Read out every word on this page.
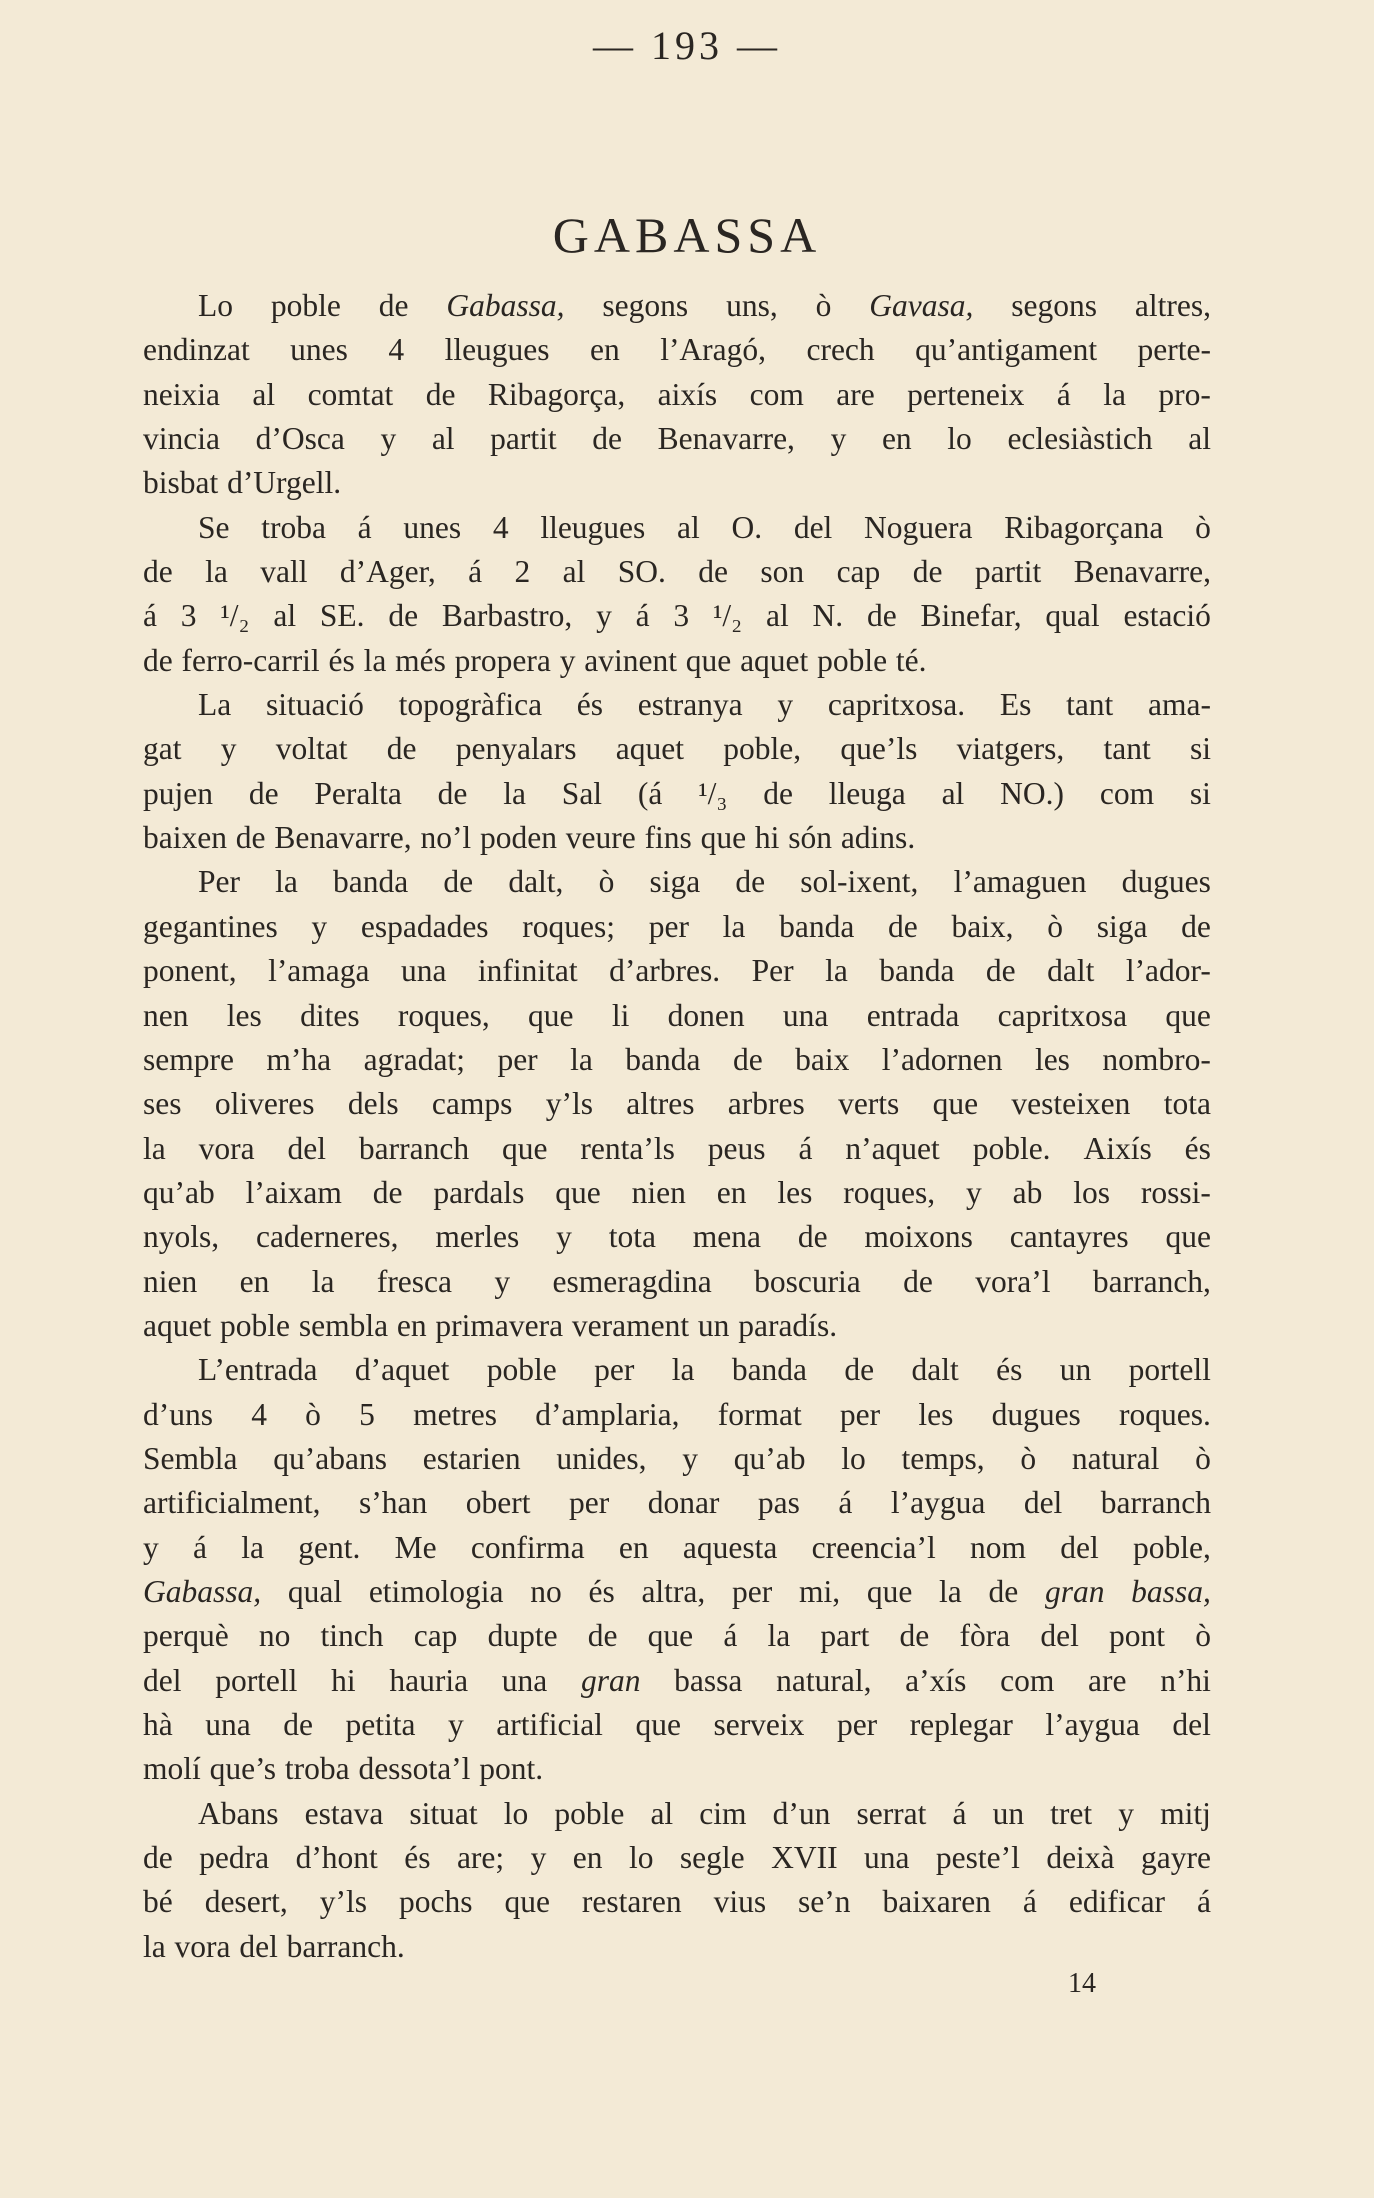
— 193 —
GABASSA
Lo poble de Gabassa, segons uns, ò Gavasa, segons altres,
endinzat unes 4 lleugues en l’Aragó, crech qu’antigament perte-
neixia al comtat de Ribagorça, aixís com are perteneix á la pro-
vincia d’Osca y al partit de Benavarre, y en lo eclesiàstich al
bisbat d’Urgell.
Se troba á unes 4 lleugues al O. del Noguera Ribagorçana ò
de la vall d’Ager, á 2 al SO. de son cap de partit Benavarre,
á 3 ¹/₂ al SE. de Barbastro, y á 3 ¹/₂ al N. de Binefar, qual estació
de ferro-carril és la més propera y avinent que aquet poble té.
La situació topogràfica és estranya y capritxosa. Es tant ama-
gat y voltat de penyalars aquet poble, que’ls viatgers, tant si
pujen de Peralta de la Sal (á ¹/₃ de lleuga al NO.) com si
baixen de Benavarre, no’l poden veure fins que hi són adins.
Per la banda de dalt, ò siga de sol-ixent, l’amaguen dugues
gegantines y espadades roques; per la banda de baix, ò siga de
ponent, l’amaga una infinitat d’arbres. Per la banda de dalt l’ador-
nen les dites roques, que li donen una entrada capritxosa que
sempre m’ha agradat; per la banda de baix l’adornen les nombro-
ses oliveres dels camps y’ls altres arbres verts que vesteixen tota
la vora del barranch que renta’ls peus á n’aquet poble. Aixís és
qu’ab l’aixam de pardals que nien en les roques, y ab los rossi-
nyols, caderneres, merles y tota mena de moixons cantayres que
nien en la fresca y esmeragdina boscuria de vora’l barranch,
aquet poble sembla en primavera verament un paradís.
L’entrada d’aquet poble per la banda de dalt és un portell
d’uns 4 ò 5 metres d’amplaria, format per les dugues roques.
Sembla qu’abans estarien unides, y qu’ab lo temps, ò natural ò
artificialment, s’han obert per donar pas á l’aygua del barranch
y á la gent. Me confirma en aquesta creencia’l nom del poble,
Gabassa, qual etimologia no és altra, per mi, que la de gran bassa,
perquè no tinch cap dupte de que á la part de fòra del pont ò
del portell hi hauria una gran bassa natural, a’xís com are n’hi
hà una de petita y artificial que serveix per replegar l’aygua del
molí que’s troba dessota’l pont.
Abans estava situat lo poble al cim d’un serrat á un tret y mitj
de pedra d’hont és are; y en lo segle XVII una peste’l deixà gayre
bé desert, y’ls pochs que restaren vius se’n baixaren á edificar á
la vora del barranch.
14
